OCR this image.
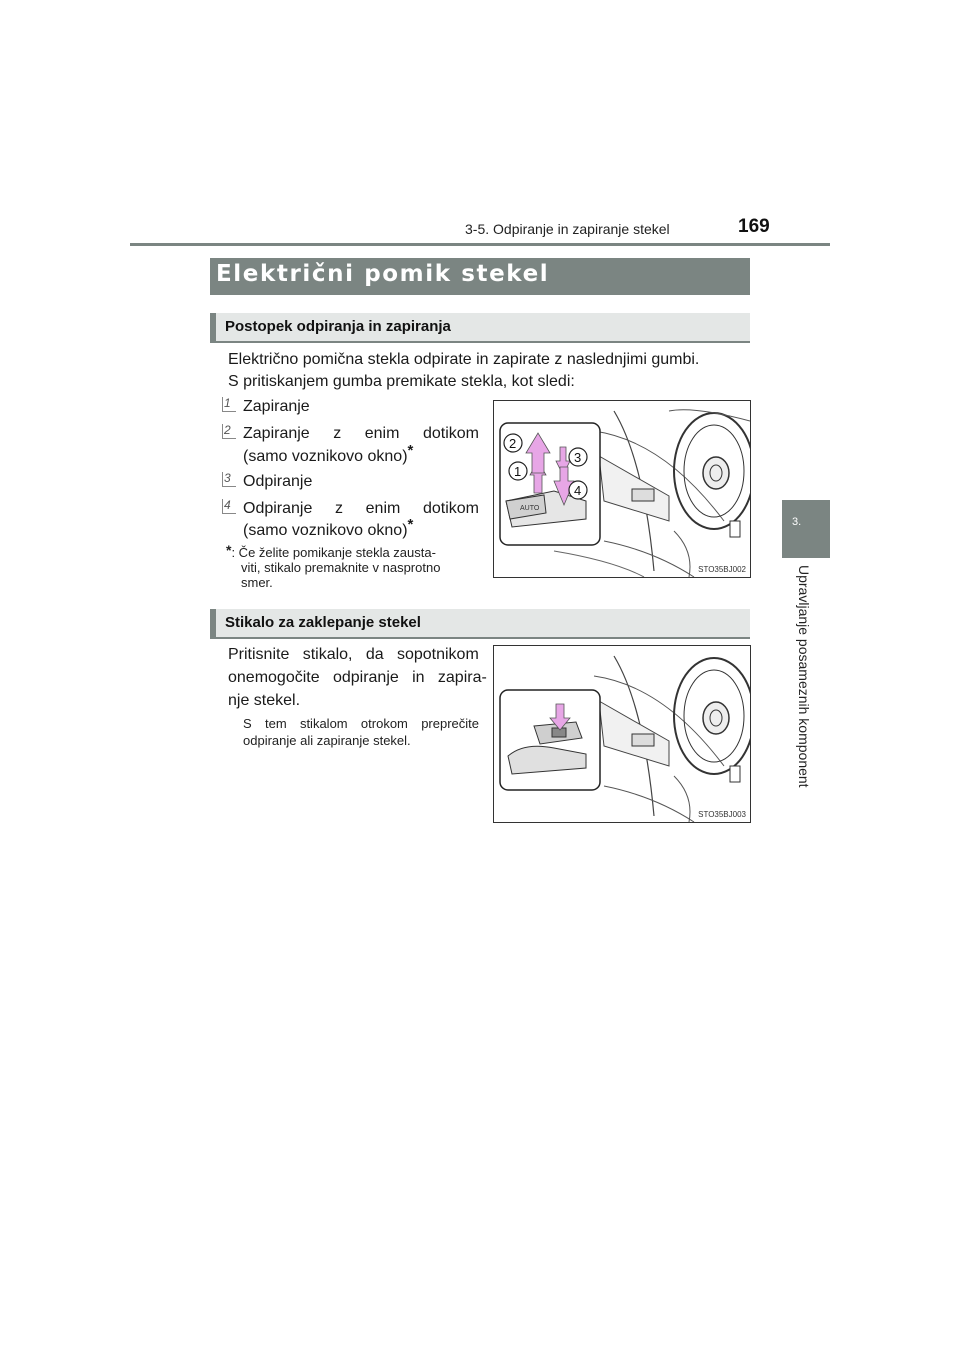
3-5. Odpiranje in zapiranje stekel	169
3.
Upravljanje posameznih komponent
Električni pomik stekel
Postopek odpiranja in zapiranja
Električno pomična stekla odpirate in zapirate z naslednjimi gumbi.
S pritiskanjem gumba premikate stekla, kot sledi:
1 Zapiranje
2 Zapiranje   z   enim   dotikom
(samo voznikovo okno)*
3 Odpiranje
4 Odpiranje   z   enim   dotikom
(samo voznikovo okno)*
*: Če želite pomikanje stekla zausta-
viti, stikalo premaknite v nasprotno
smer.
AUTO
2
1
3
4
STO35BJ002
Stikalo za zaklepanje stekel
Pritisnite   stikalo,   da   sopotnikom
onemogočite   odpiranje   in   zapira-
nje stekel.
S tem stikalom otrokom preprečite
odpiranje ali zapiranje stekel.
STO35BJ003
